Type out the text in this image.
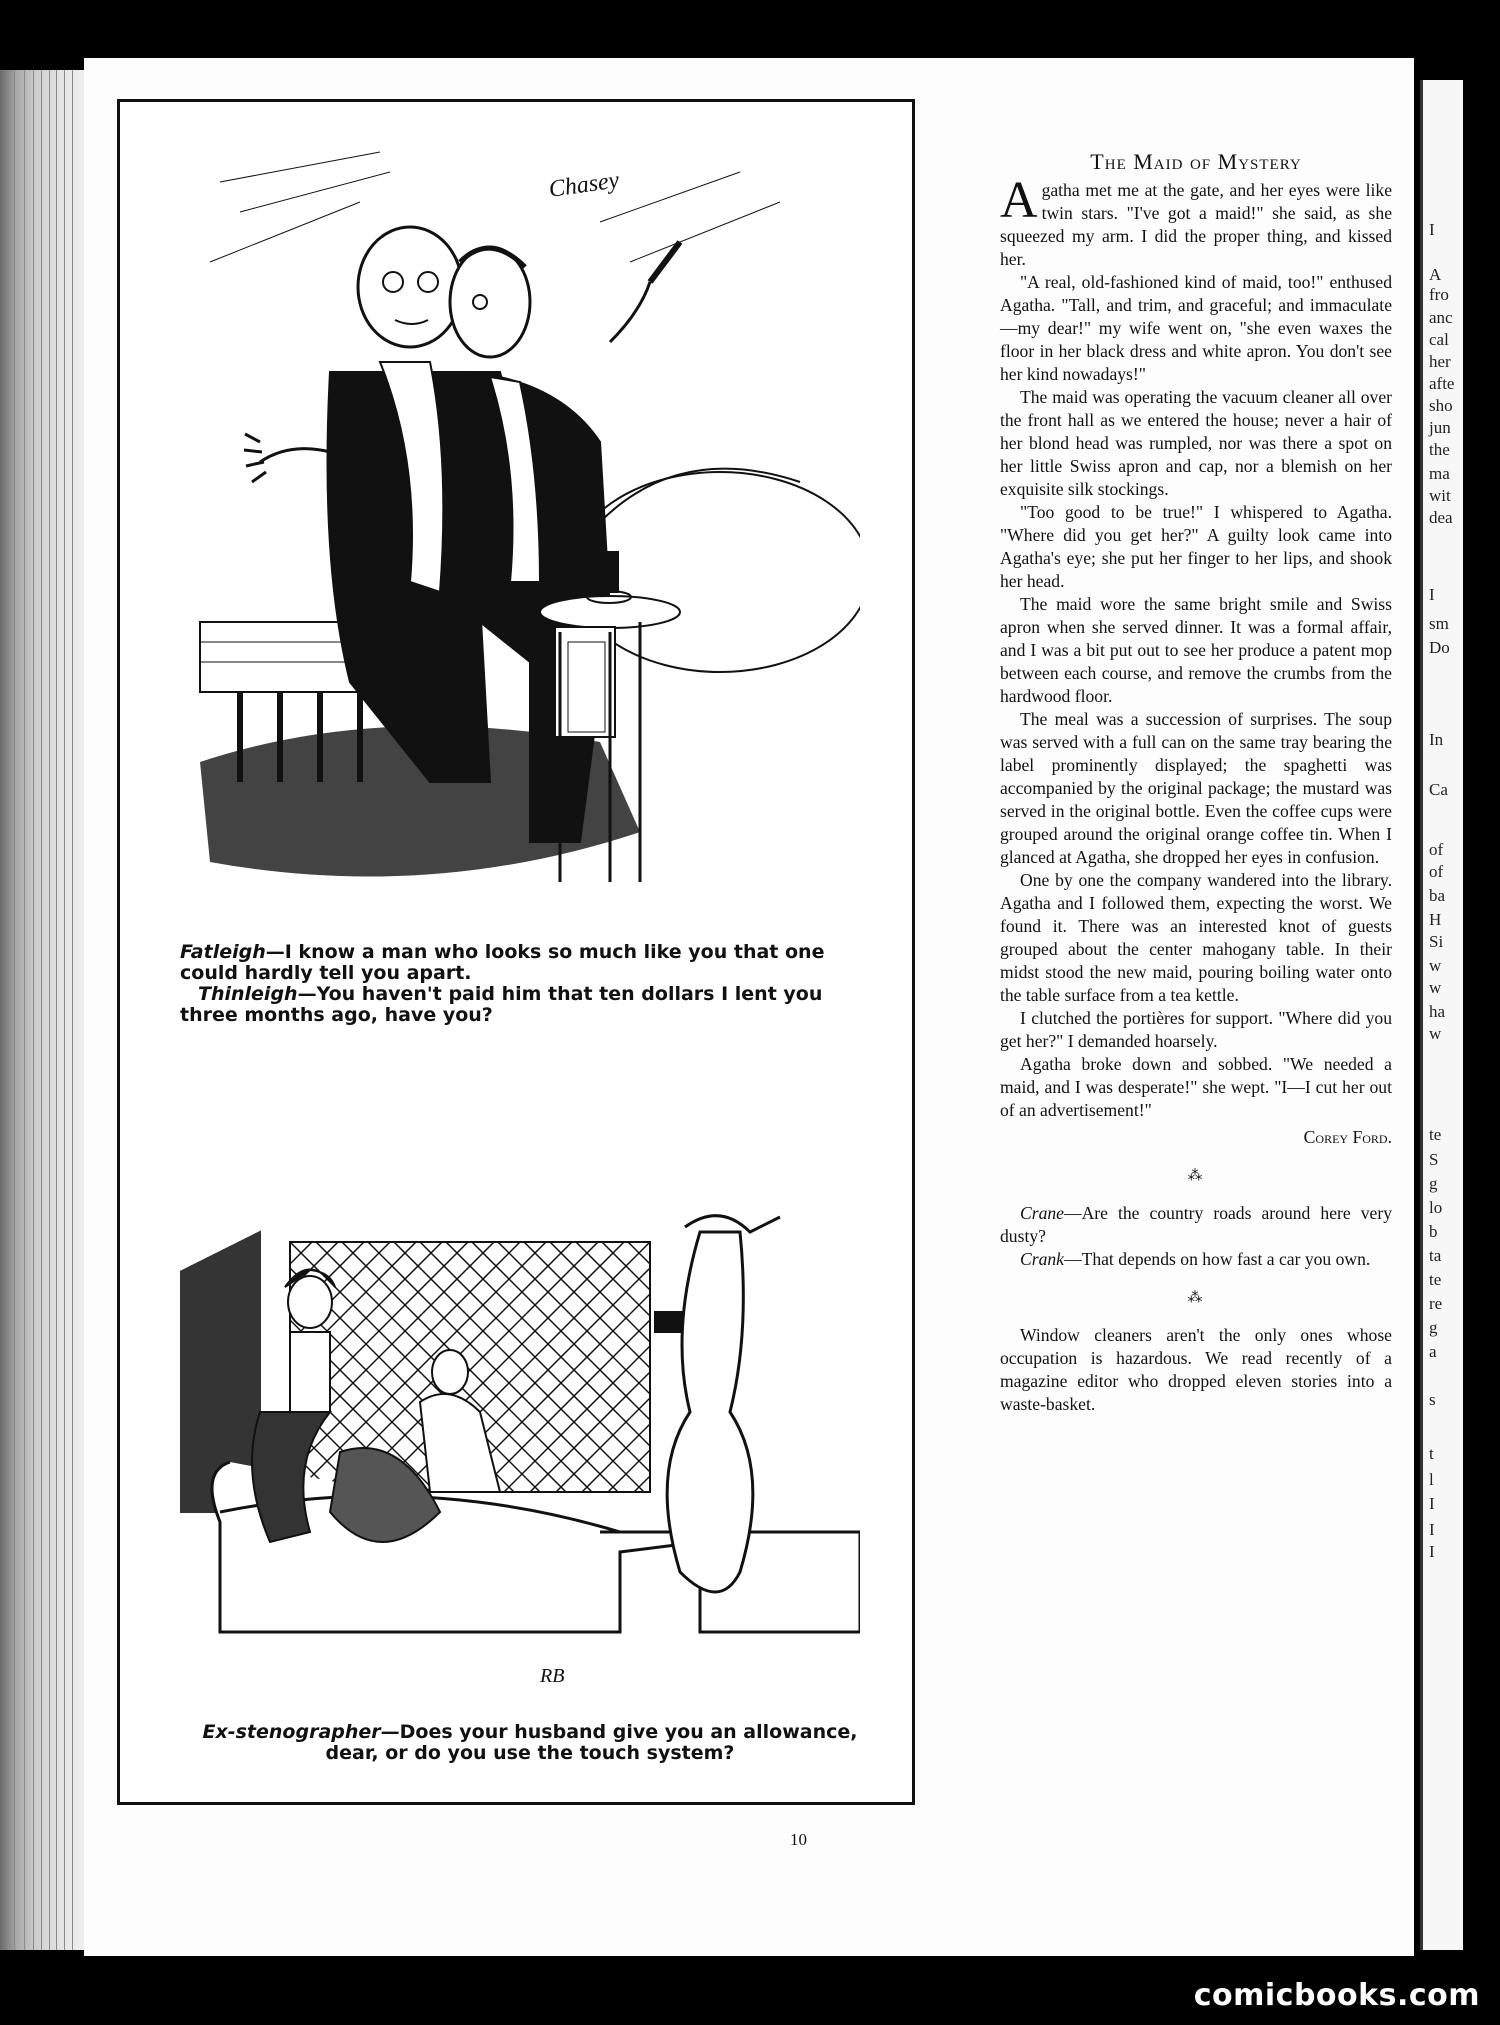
I
A
fro
anc
cal
her
afte
sho
jun
the
ma
wit
dea
I
sm
Do
In
Ca
of
of
ba
H
Si
w
w
ha
w
te
S
g
lo
b
ta
te
re
g
a
s
t
l
I
I
I
Chasey
Fatleigh—I know a man who looks so much like you that one could hardly tell you apart.
Thinleigh—You haven't paid him that ten dollars I lent you three months ago, have you?
RB
Ex-stenographer—Does your husband give you an allowance, dear, or do you use the touch system?
The Maid of Mystery

Agatha met me at the gate, and her eyes were like twin stars. "I've got a maid!" she said, as she squeezed my arm. I did the proper thing, and kissed her.

"A real, old-fashioned kind of maid, too!" enthused Agatha. "Tall, and trim, and graceful; and immaculate—my dear!" my wife went on, "she even waxes the floor in her black dress and white apron. You don't see her kind nowadays!"

The maid was operating the vacuum cleaner all over the front hall as we entered the house; never a hair of her blond head was rumpled, nor was there a spot on her little Swiss apron and cap, nor a blemish on her exquisite silk stockings.

"Too good to be true!" I whispered to Agatha. "Where did you get her?" A guilty look came into Agatha's eye; she put her finger to her lips, and shook her head.

The maid wore the same bright smile and Swiss apron when she served dinner. It was a formal affair, and I was a bit put out to see her produce a patent mop between each course, and remove the crumbs from the hardwood floor.

The meal was a succession of surprises. The soup was served with a full can on the same tray bearing the label prominently displayed; the spaghetti was accompanied by the original package; the mustard was served in the original bottle. Even the coffee cups were grouped around the original orange coffee tin. When I glanced at Agatha, she dropped her eyes in confusion.

One by one the company wandered into the library. Agatha and I followed them, expecting the worst. We found it. There was an interested knot of guests grouped about the center mahogany table. In their midst stood the new maid, pouring boiling water onto the table surface from a tea kettle.

I clutched the portières for support. "Where did you get her?" I demanded hoarsely.

Agatha broke down and sobbed. "We needed a maid, and I was desperate!" she wept. "I—I cut her out of an advertisement!"

Corey Ford.

⁂

Crane—Are the country roads around here very dusty?

Crank—That depends on how fast a car you own.

⁂

Window cleaners aren't the only ones whose occupation is hazardous. We read recently of a magazine editor who dropped eleven stories into a waste-basket.

10
comicbooks.com
